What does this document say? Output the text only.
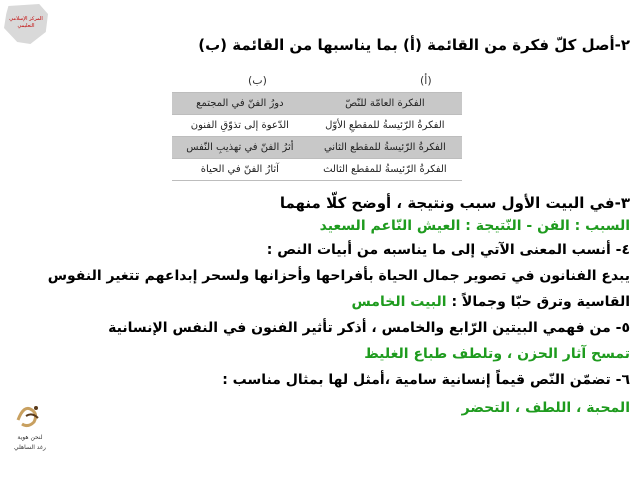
المركز الإسلامي
التعليمي
لنحن هوية
رغد الساهلي
٢-أصل كلّ فكرة من القائمة (أ) بما يناسبها من القائمة (ب)
(أ)
(ب)
الفكرة العامّة للنّصّ	دورُ الفنّ في المجتمع
الفكرةُ الرّئيسةُ للمقطعِ الأوّل	الدّعوة إلى تذوّقِ الفنون
الفكرةُ الرّئيسةُ للمقطع الثاني	أثرُ الفنّ في تهذيبِ النّفس
الفكرةُ الرّئيسةُ للمقطع الثالث	آثارُ الفنّ في الحياة
٣-في البيت الأول سبب ونتيجة ، أوضح كلّا منهما
السبب : الفن - النّتيجة : العيش النّاعم السعيد
٤- أنسب المعنى الآتي إلى ما يناسبه من أبيات النص :
يبدع الفنانون في تصوير جمال الحياة بأفراحها وأحزانها ولسحر إبداعهم تتغير النفوس
القاسية وترق حبّا وجمالاً : البيت الخامس
٥- من فهمي البيتين الرّابع والخامس ، أذكر تأثير الفنون في النفس الإنسانية
تمسح آثار الحزن ، وتلطف طباع الغليظ
٦- تضمّن النّص قيماً إنسانية سامية ،أمثل لها بمثال مناسب :
المحبة ، اللطف ، التحضر
